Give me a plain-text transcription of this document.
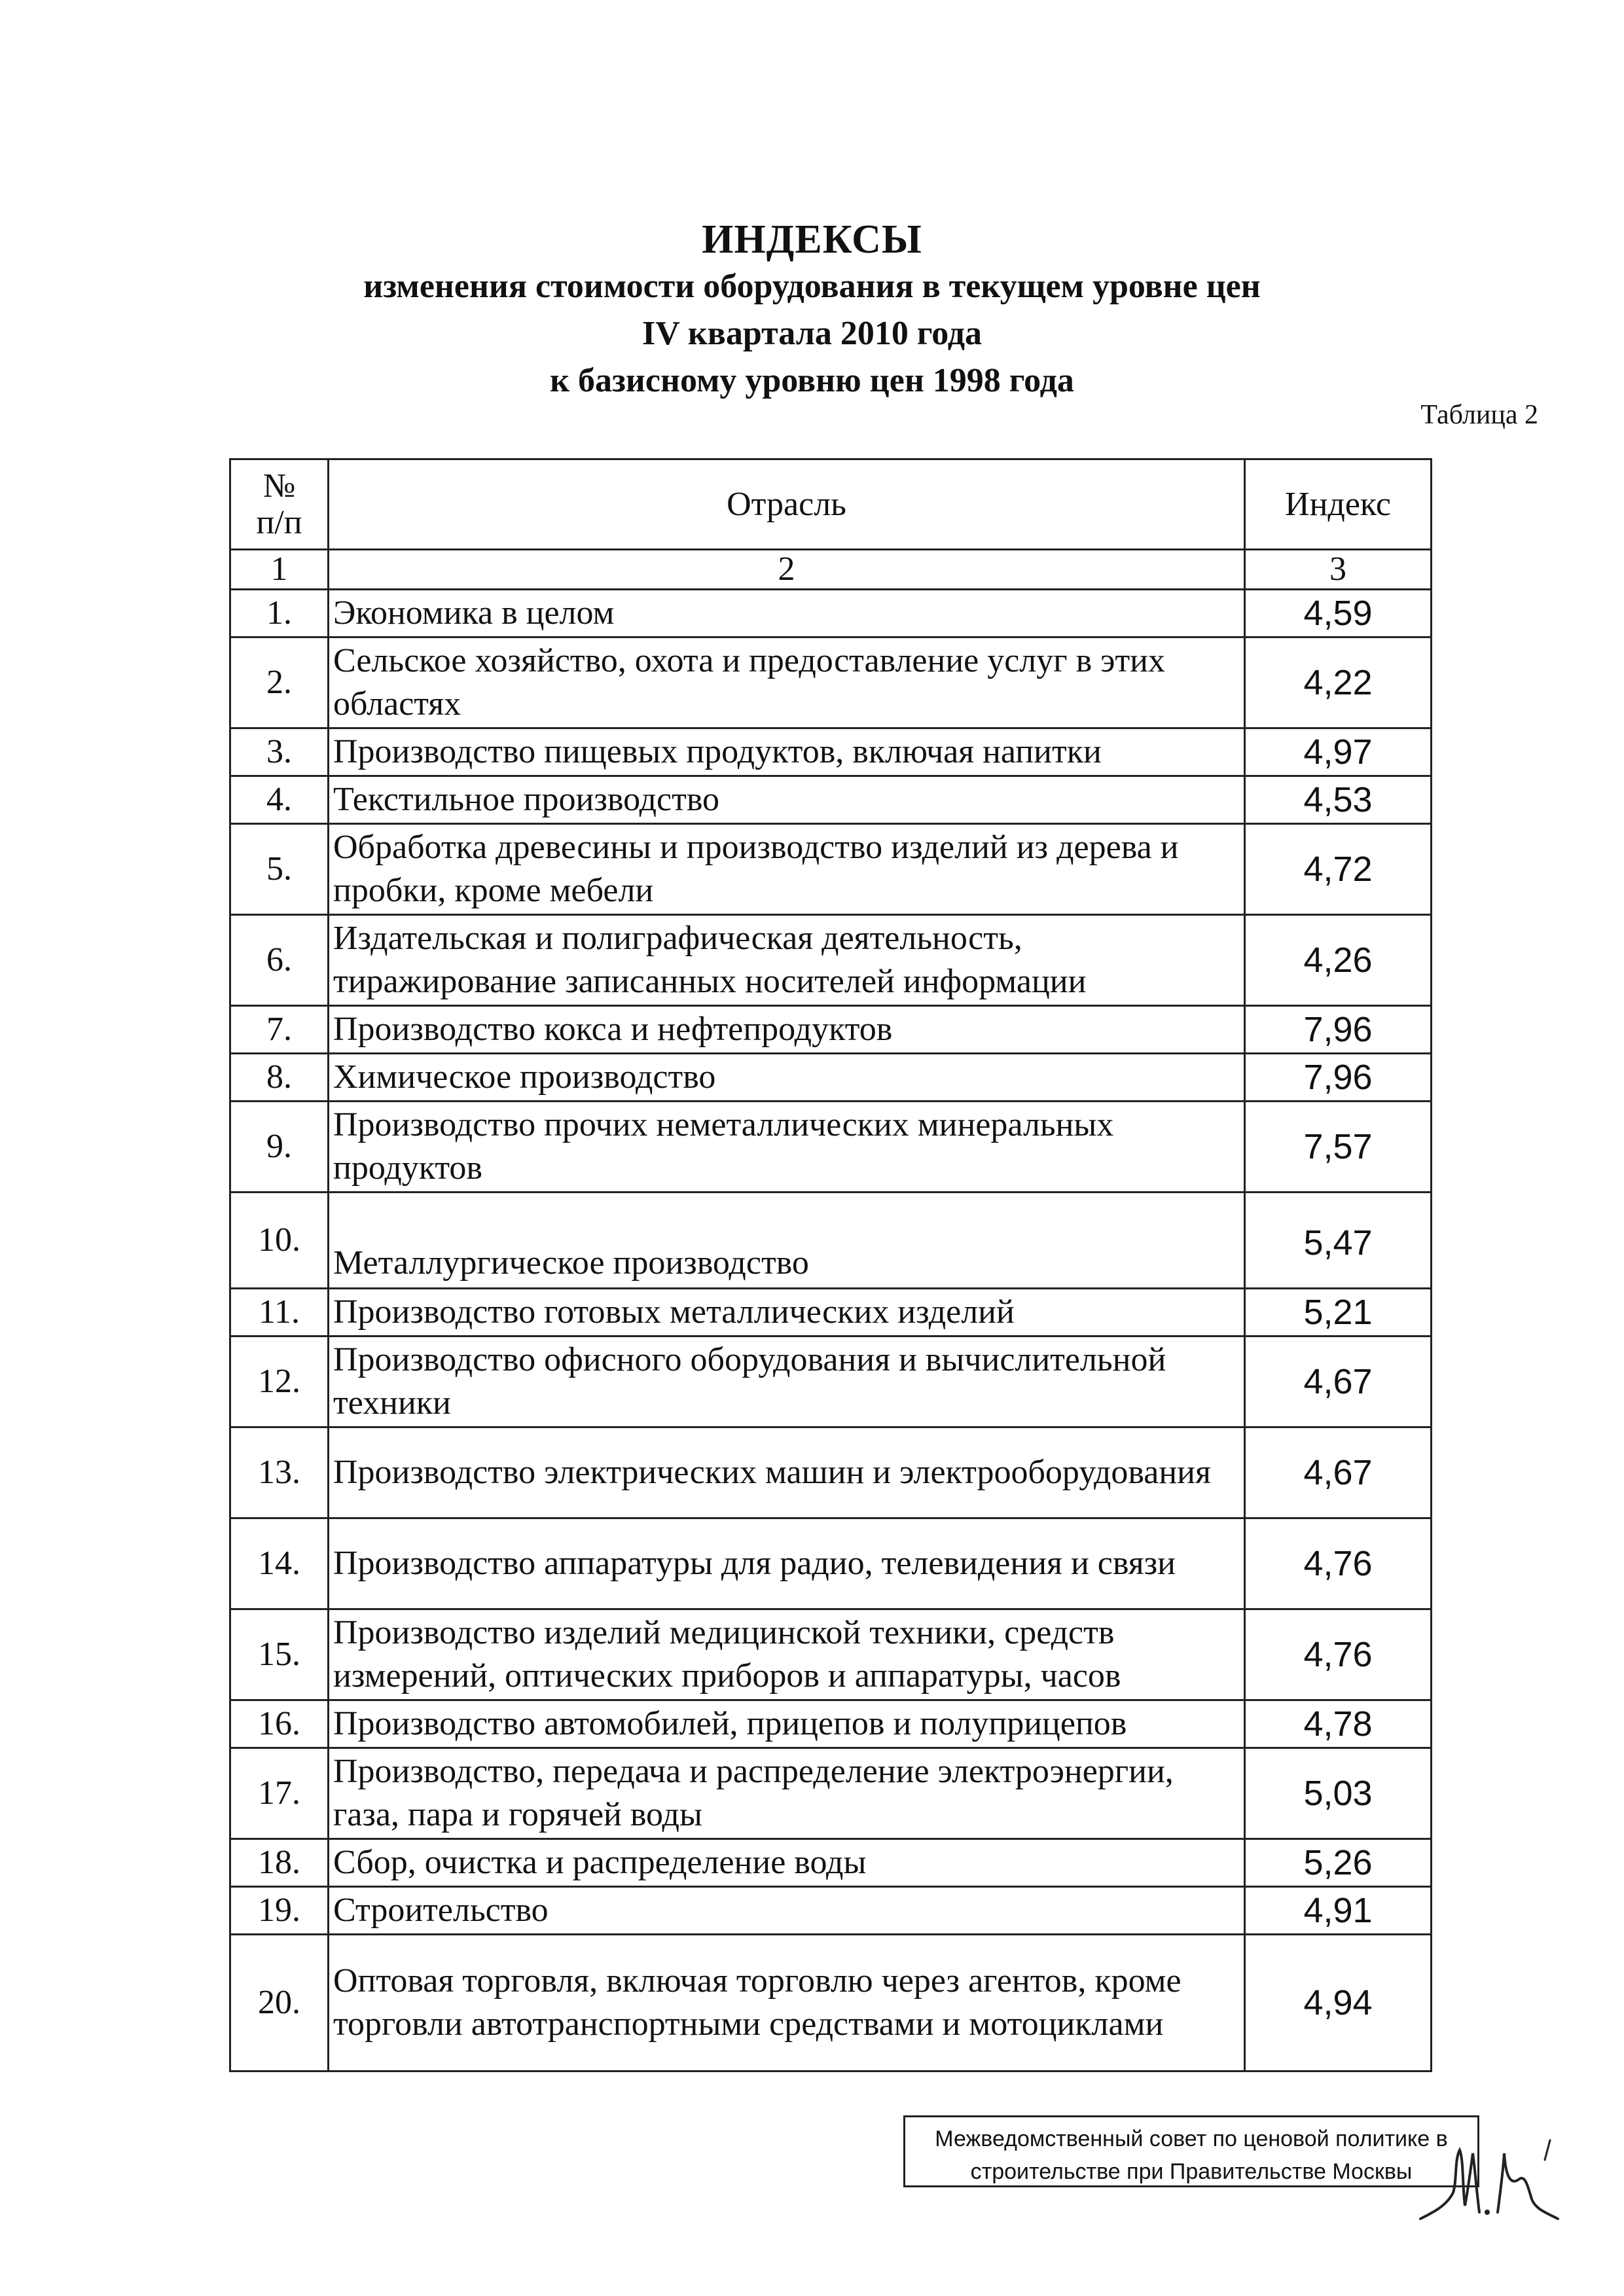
ИНДЕКСЫ
изменения стоимости оборудования в текущем уровне цен
IV квартала 2010 года
к базисному уровню цен 1998 года
Таблица 2
№
п/п	Отрасль	Индекс
1	2	3
1.	Экономика в целом	4,59
2.	Сельское хозяйство, охота и предоставление услуг в этих областях	4,22
3.	Производство пищевых продуктов, включая напитки	4,97
4.	Текстильное производство	4,53
5.	Обработка древесины и производство изделий из дерева и пробки, кроме мебели	4,72
6.	Издательская и полиграфическая деятельность, тиражирование записанных носителей информации	4,26
7.	Производство кокса и нефтепродуктов	7,96
8.	Химическое производство	7,96
9.	Производство прочих неметаллических минеральных продуктов	7,57
10.	Металлургическое производство	5,47
11.	Производство готовых металлических изделий	5,21
12.	Производство офисного оборудования и вычислительной техники	4,67
13.	Производство электрических машин и электрооборудования	4,67
14.	Производство аппаратуры для радио, телевидения и связи	4,76
15.	Производство изделий медицинской техники, средств измерений, оптических приборов и аппаратуры, часов	4,76
16.	Производство автомобилей, прицепов и полуприцепов	4,78
17.	Производство, передача и распределение электроэнергии, газа, пара и горячей воды	5,03
18.	Сбор, очистка и распределение воды	5,26
19.	Строительство	4,91
20.	Оптовая торговля, включая торговлю через агентов, кроме торговли автотранспортными средствами и мотоциклами	4,94
Межведомственный совет по ценовой политике в
строительстве при Правительстве Москвы
